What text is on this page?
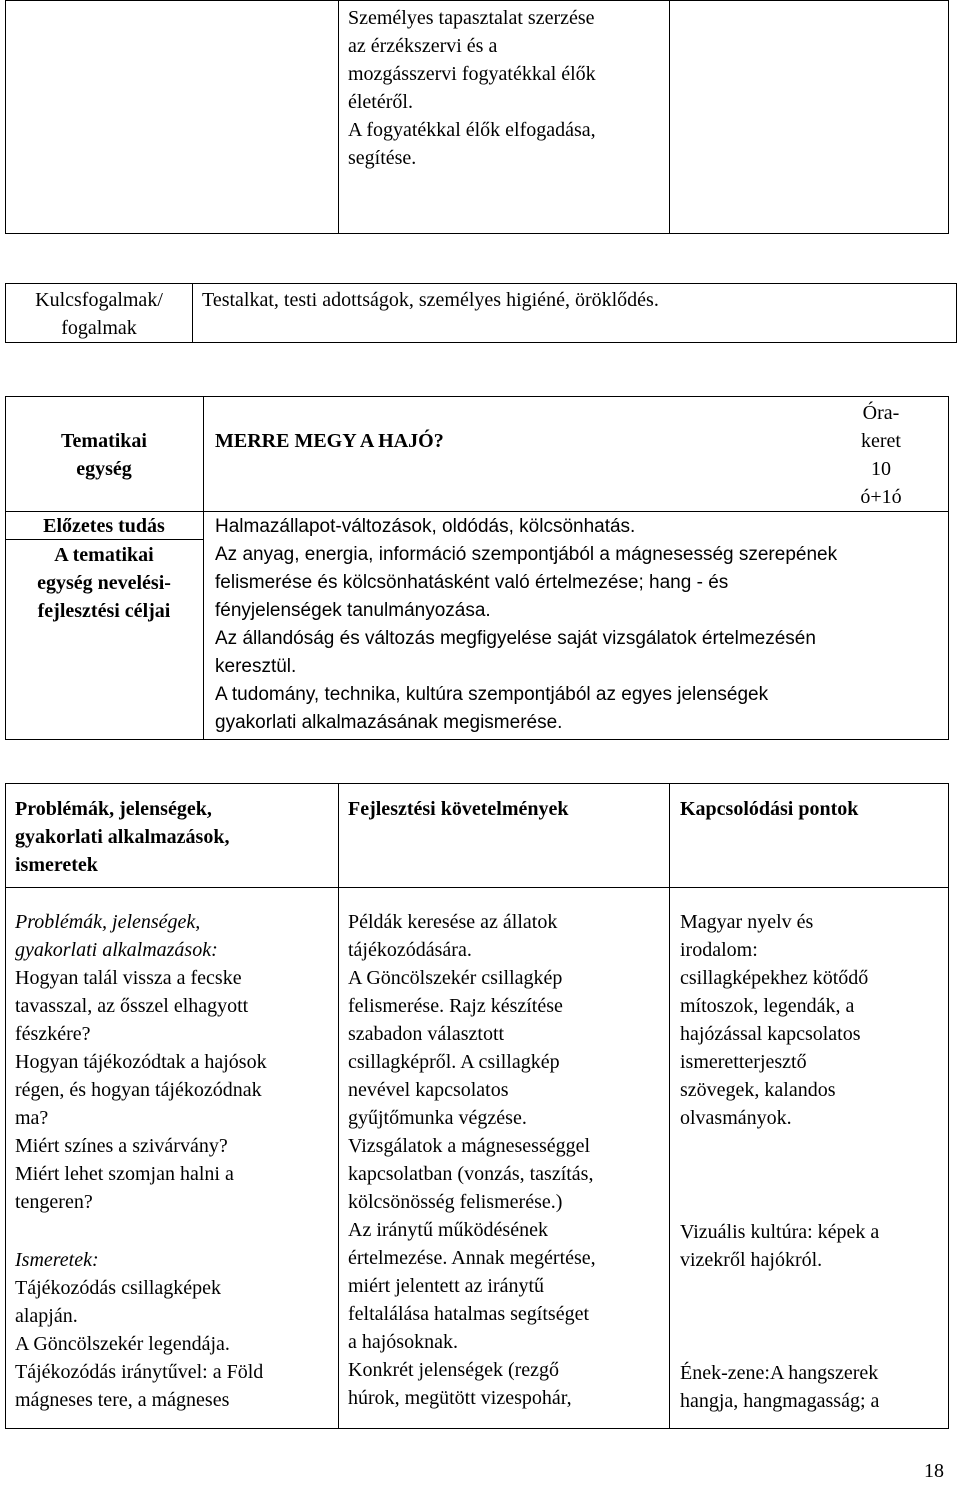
Személyes tapasztalat szerzése
az érzékszervi és a
mozgásszervi fogyatékkal élők
életéről.
A fogyatékkal élők elfogadása,
segítése.
Kulcsfogalmak/
fogalmak
Testalkat, testi adottságok, személyes higiéné, öröklődés.
Tematikai
egység
MERRE MEGY A HAJÓ?
Óra-
keret
10
ó+1ó
Előzetes tudás	Halmazállapot-változások, oldódás, kölcsönhatás.
A tematikai
egység nevelési-
fejlesztési céljai
Az anyag, energia, információ szempontjából a mágnesesség szerepének
felismerése és kölcsönhatásként való értelmezése; hang - és
fényjelenségek tanulmányozása.
Az állandóság és változás megfigyelése saját vizsgálatok értelmezésén
keresztül.
A tudomány, technika, kultúra szempontjából az egyes jelenségek
gyakorlati alkalmazásának megismerése.
Problémák, jelenségek,
gyakorlati alkalmazások,
ismeretek
Fejlesztési követelmények	Kapcsolódási pontok
Problémák, jelenségek,
gyakorlati alkalmazások:
Hogyan talál vissza a fecske
tavasszal, az ősszel elhagyott
fészkére?
Hogyan tájékozódtak a hajósok
régen, és hogyan tájékozódnak
ma?
Miért színes a szivárvány?
Miért lehet szomjan halni a
tengeren?
Ismeretek:
Tájékozódás csillagképek
alapján.
A Göncölszekér legendája.
Tájékozódás iránytűvel: a Föld
mágneses tere, a mágneses
Példák keresése az állatok
tájékozódására.
A Göncölszekér csillagkép
felismerése. Rajz készítése
szabadon választott
csillagképről. A csillagkép
nevével kapcsolatos
gyűjtőmunka végzése.
Vizsgálatok a mágnesességgel
kapcsolatban (vonzás, taszítás,
kölcsönösség felismerése.)
Az iránytű működésének
értelmezése. Annak megértése,
miért jelentett az iránytű
feltalálása hatalmas segítséget
a hajósoknak.
Konkrét jelenségek (rezgő
húrok, megütött vizespohár,
Magyar nyelv és
irodalom:
csillagképekhez kötődő
mítoszok, legendák, a
hajózással kapcsolatos
ismeretterjesztő
szövegek, kalandos
olvasmányok.
Vizuális kultúra: képek a
vizekről hajókról.
Ének-zene:A hangszerek
hangja, hangmagasság; a
18
